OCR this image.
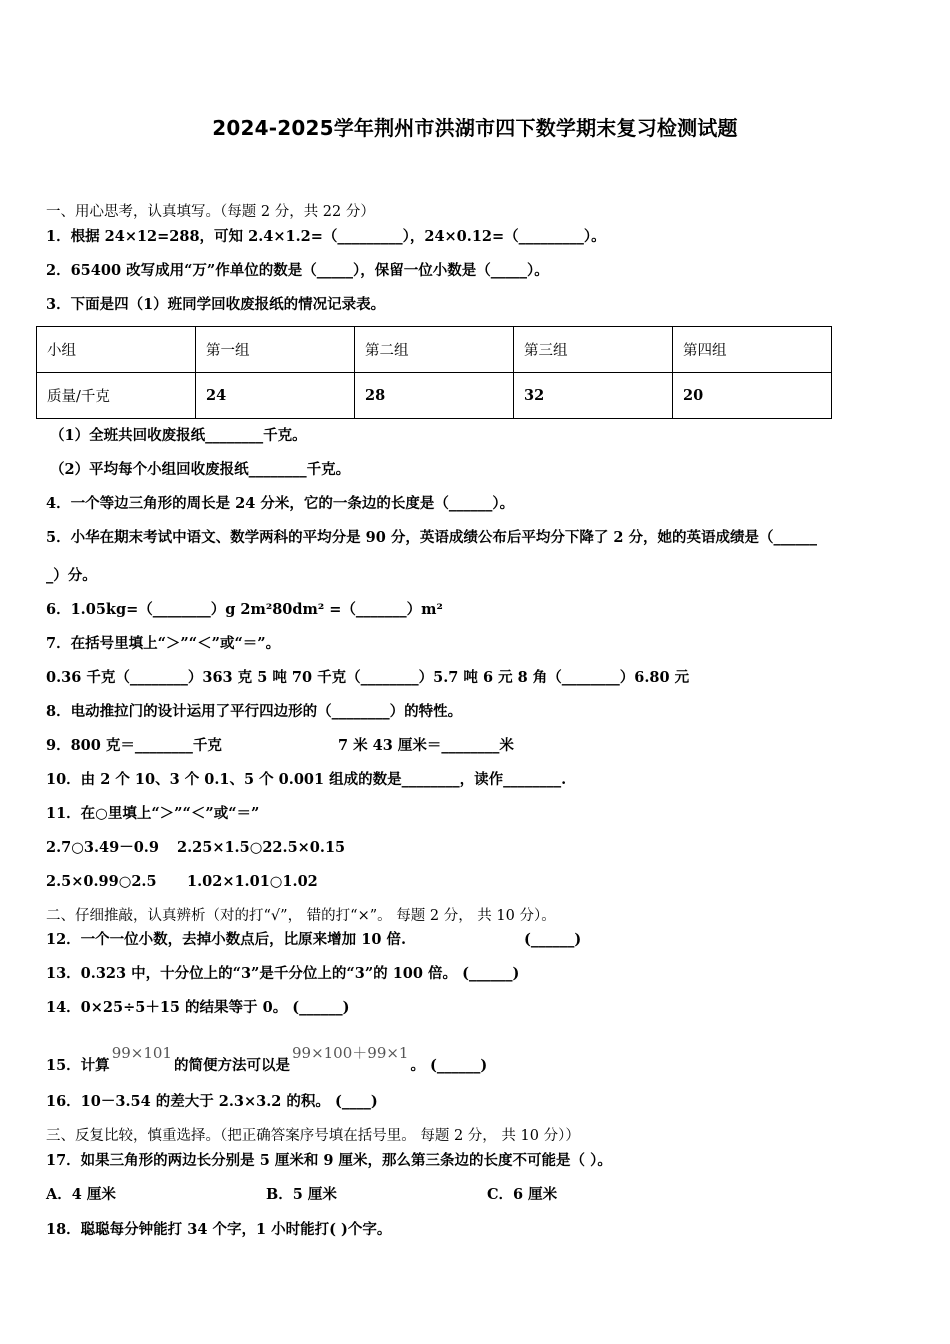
2024-2025学年荆州市洪湖市四下数学期末复习检测试题
一、用心思考，认真填写。（每题 2 分，共 22 分）
1．根据 24×12=288，可知 2.4×1.2=（_________），24×0.12=（_________）。
2．65400 改写成用“万”作单位的数是（_____），保留一位小数是（_____）。
3．下面是四（1）班同学回收废报纸的情况记录表。
小组	第一组	第二组	第三组	第四组
质量/千克	24	28	32	20
（1）全班共回收废报纸________千克。
（2）平均每个小组回收废报纸________千克。
4．一个等边三角形的周长是 24 分米，它的一条边的长度是（______）。
5．小华在期末考试中语文、数学两科的平均分是 90 分，英语成绩公布后平均分下降了 2 分，她的英语成绩是（______
_）分。
6．1.05kg=（________）g 2m²80dm² =（_______）m²
7．在括号里填上“＞”“＜”或“＝”。
0.36 千克（________）363 克 5 吨 70 千克（________）5.7 吨 6 元 8 角（________）6.80 元
8．电动推拉门的设计运用了平行四边形的（________）的特性。
9．800 克＝________千克	7 米 43 厘米＝________米
10．由 2 个 10、3 个 0.1、5 个 0.001 组成的数是________，读作________.
11．在○里填上“＞”“＜”或“＝”
2.7○3.49－0.9 2.25×1.5○22.5×0.15
2.5×0.99○2.5 1.02×1.01○1.02
二、仔细推敲，认真辨析（对的打“√”， 错的打“×”。 每题 2 分， 共 10 分）。
12．一个一位小数，去掉小数点后，比原来增加 10 倍.	(______)
13．0.323 中，十分位上的“3”是千分位上的“3”的 100 倍。 (______)
14．0×25÷5＋15 的结果等于 0。 (______)
15．计算99×101的简便方法可以是99×100＋99×1。 (______)
16．10－3.54 的差大于 2.3×3.2 的积。 (____)
三、反复比较，慎重选择。（把正确答案序号填在括号里。 每题 2 分， 共 10 分））
17．如果三角形的两边长分别是 5 厘米和 9 厘米，那么第三条边的长度不可能是（ ）。
A．4 厘米	B．5 厘米	C．6 厘米
18．聪聪每分钟能打 34 个字，1 小时能打( )个字。
